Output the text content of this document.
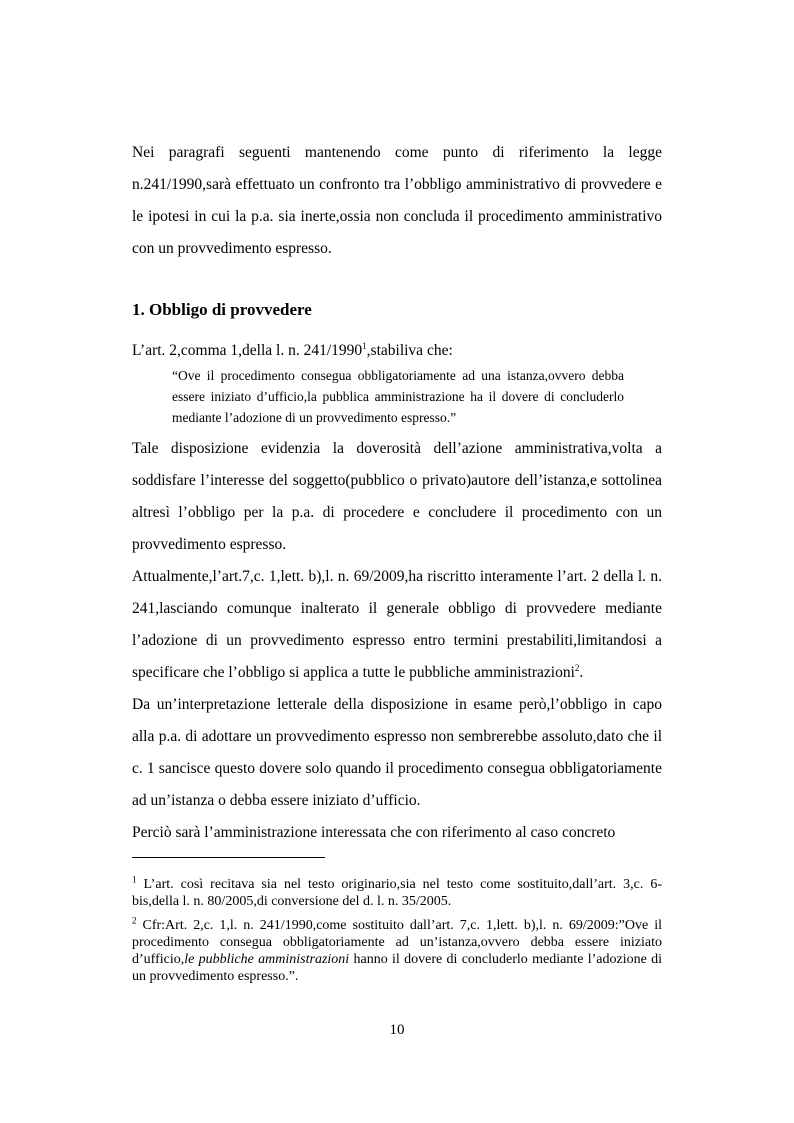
Nei paragrafi seguenti mantenendo come punto di riferimento la legge n.241/1990,sarà effettuato un confronto tra l’obbligo amministrativo di provvedere e le ipotesi in cui la p.a. sia inerte,ossia non concluda il procedimento amministrativo con un provvedimento espresso.

1. Obbligo di provvedere

L’art. 2,comma 1,della l. n. 241/1990$^1$,stabiliva che:

“Ove il procedimento consegua obbligatoriamente ad una istanza,ovvero debba essere iniziato d’ufficio,la pubblica amministrazione ha il dovere di concluderlo mediante l’adozione di un provvedimento espresso.”

Tale disposizione evidenzia la doverosità dell’azione amministrativa,volta a soddisfare l’interesse del soggetto(pubblico o privato)autore dell’istanza,e sottolinea altresì l’obbligo per la p.a. di procedere e concludere il procedimento con un provvedimento espresso.

Attualmente,l’art.7,c. 1,lett. b),l. n. 69/2009,ha riscritto interamente l’art. 2 della l. n. 241,lasciando comunque inalterato il generale obbligo di provvedere mediante l’adozione di un provvedimento espresso entro termini prestabiliti,limitandosi a specificare che l’obbligo si applica a tutte le pubbliche amministrazioni$^2$.

Da un’interpretazione letterale della disposizione in esame però,l’obbligo in capo alla p.a. di adottare un provvedimento espresso non sembrerebbe assoluto,dato che il c. 1 sancisce questo dovere solo quando il procedimento consegua obbligatoriamente ad un’istanza o debba essere iniziato d’ufficio.

Perciò sarà l’amministrazione interessata che con riferimento al caso concreto

$^1$ L’art. così recitava sia nel testo originario,sia nel testo come sostituito,dall’art. 3,c. 6-bis,della l. n. 80/2005,di conversione del d. l. n. 35/2005.

$^2$ Cfr:Art. 2,c. 1,l. n. 241/1990,come sostituito dall’art. 7,c. 1,lett. b),l. n. 69/2009:”Ove il procedimento consegua obbligatoriamente ad un’istanza,ovvero debba essere iniziato d’ufficio,le pubbliche amministrazioni hanno il dovere di concluderlo mediante l’adozione di un provvedimento espresso.”.

10
